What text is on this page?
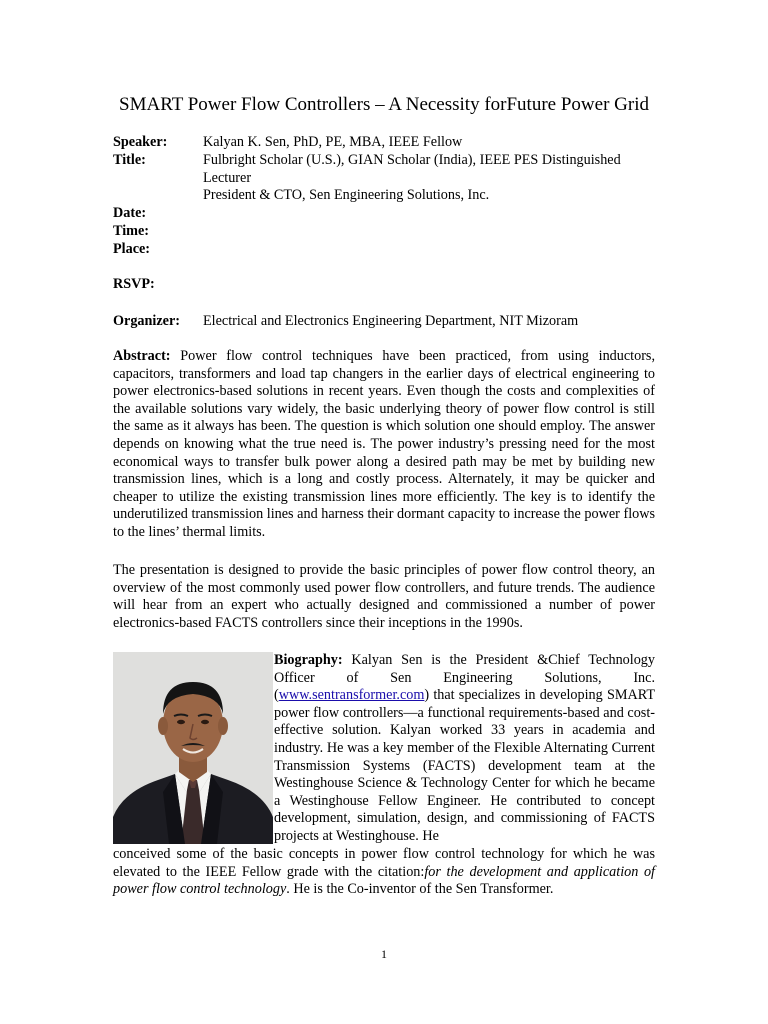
SMART Power Flow Controllers – A Necessity forFuture Power Grid
Speaker:	Kalyan K. Sen, PhD, PE, MBA, IEEE Fellow
Title:	Fulbright Scholar (U.S.), GIAN Scholar (India), IEEE PES Distinguished
Lecturer
President & CTO, Sen Engineering Solutions, Inc.
Date:
Time:
Place:
RSVP:
Organizer: Electrical and Electronics Engineering Department, NIT Mizoram
Abstract: Power flow control techniques have been practiced, from using inductors, capacitors, transformers and load tap changers in the earlier days of electrical engineering to power electronics-based solutions in recent years. Even though the costs and complexities of the available solutions vary widely, the basic underlying theory of power flow control is still the same as it always has been. The question is which solution one should employ. The answer depends on knowing what the true need is. The power industry’s pressing need for the most economical ways to transfer bulk power along a desired path may be met by building new transmission lines, which is a long and costly process. Alternately, it may be quicker and cheaper to utilize the existing transmission lines more efficiently. The key is to identify the underutilized transmission lines and harness their dormant capacity to increase the power flows to the lines’ thermal limits.
The presentation is designed to provide the basic principles of power flow control theory, an overview of the most commonly used power flow controllers, and future trends. The audience will hear from an expert who actually designed and commissioned a number of power electronics-based FACTS controllers since their inceptions in the 1990s.
Biography: Kalyan Sen is the President &Chief Technology Officer of Sen Engineering Solutions, Inc. (www.sentransformer.com) that specializes in developing SMART power flow controllers—a functional requirements-based and cost-effective solution. Kalyan worked 33 years in academia and industry. He was a key member of the Flexible Alternating Current Transmission Systems (FACTS) development team at the Westinghouse Science & Technology Center for which he became a Westinghouse Fellow Engineer. He contributed to concept development, simulation, design, and commissioning of FACTS projects at Westinghouse. He
conceived some of the basic concepts in power flow control technology for which he was elevated to the IEEE Fellow grade with the citation:for the development and application of power flow control technology. He is the Co-inventor of the Sen Transformer.
1
